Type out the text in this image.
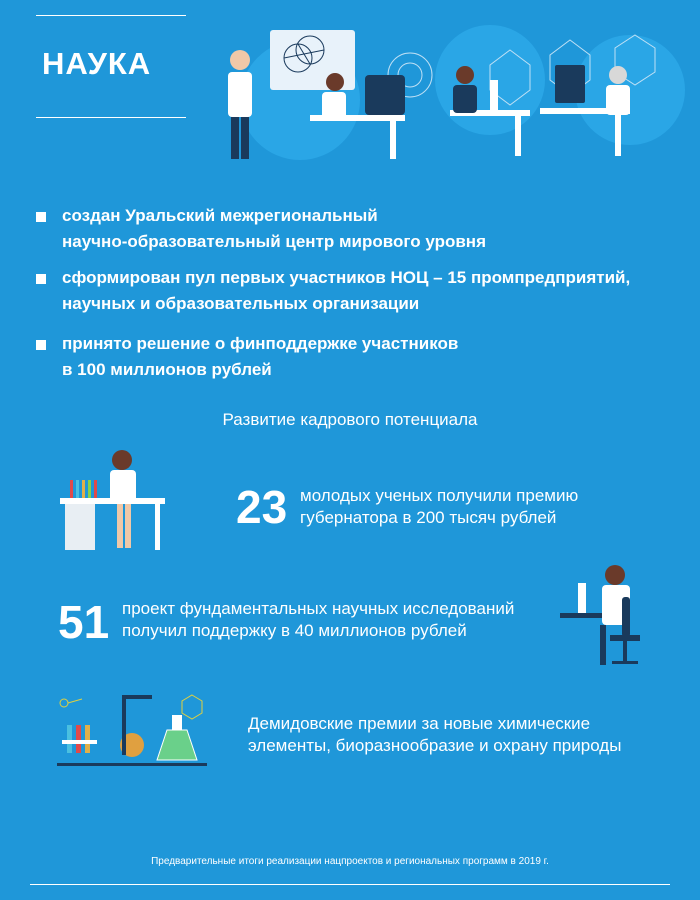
НАУКА
создан Уральский межрегиональный
научно-образовательный центр мирового уровня
сформирован пул первых участников НОЦ – 15 промпредприятий,
научных и образовательных организации
принято решение о финподдержке участников
в 100 миллионов рублей
Развитие кадрового потенциала
23 молодых ученых получили премию
губернатора в 200 тысяч рублей
51 проект фундаментальных научных исследований
получил поддержку в 40 миллионов рублей
Демидовские премии за новые химические
элементы, биоразнообразие и охрану природы
Предварительные итоги реализации нацпроектов и региональных программ в 2019 г.
